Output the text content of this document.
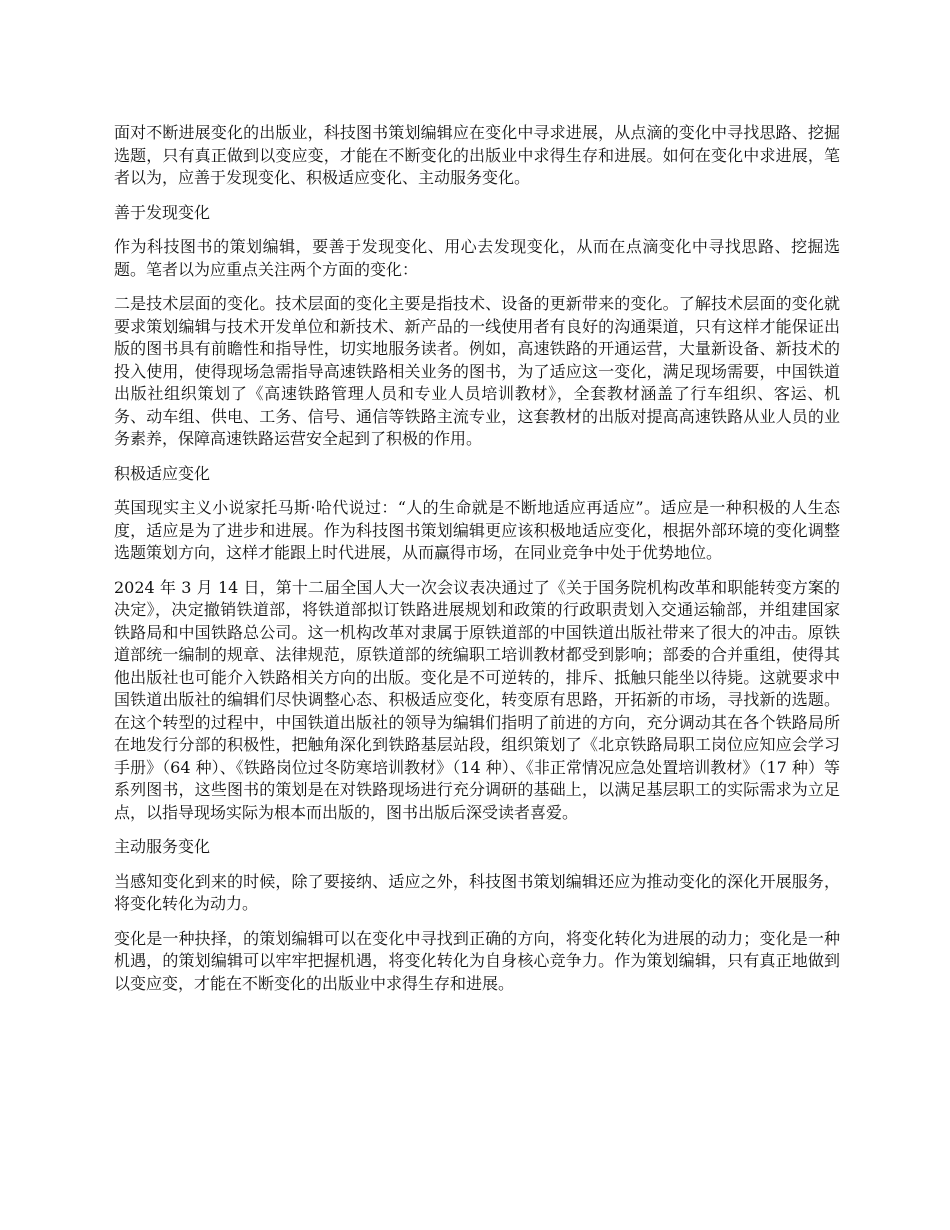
面对不断进展变化的出版业，科技图书策划编辑应在变化中寻求进展，从点滴的变化中寻找思路、挖掘选题，只有真正做到以变应变，才能在不断变化的出版业中求得生存和进展。如何在变化中求进展，笔者以为，应善于发现变化、积极适应变化、主动服务变化。

善于发现变化

作为科技图书的策划编辑，要善于发现变化、用心去发现变化，从而在点滴变化中寻找思路、挖掘选题。笔者以为应重点关注两个方面的变化：

二是技术层面的变化。技术层面的变化主要是指技术、设备的更新带来的变化。了解技术层面的变化就要求策划编辑与技术开发单位和新技术、新产品的一线使用者有良好的沟通渠道，只有这样才能保证出版的图书具有前瞻性和指导性，切实地服务读者。例如，高速铁路的开通运营，大量新设备、新技术的投入使用，使得现场急需指导高速铁路相关业务的图书，为了适应这一变化，满足现场需要，中国铁道出版社组织策划了《高速铁路管理人员和专业人员培训教材》，全套教材涵盖了行车组织、客运、机务、动车组、供电、工务、信号、通信等铁路主流专业，这套教材的出版对提高高速铁路从业人员的业务素养，保障高速铁路运营安全起到了积极的作用。

积极适应变化

英国现实主义小说家托马斯·哈代说过：“人的生命就是不断地适应再适应”。适应是一种积极的人生态度，适应是为了进步和进展。作为科技图书策划编辑更应该积极地适应变化，根据外部环境的变化调整选题策划方向，这样才能跟上时代进展，从而赢得市场，在同业竞争中处于优势地位。

2024 年 3 月 14 日，第十二届全国人大一次会议表决通过了《关于国务院机构改革和职能转变方案的决定》，决定撤销铁道部，将铁道部拟订铁路进展规划和政策的行政职责划入交通运输部，并组建国家铁路局和中国铁路总公司。这一机构改革对隶属于原铁道部的中国铁道出版社带来了很大的冲击。原铁道部统一编制的规章、法律规范，原铁道部的统编职工培训教材都受到影响；部委的合并重组，使得其他出版社也可能介入铁路相关方向的出版。变化是不可逆转的，排斥、抵触只能坐以待毙。这就要求中国铁道出版社的编辑们尽快调整心态、积极适应变化，转变原有思路，开拓新的市场，寻找新的选题。在这个转型的过程中，中国铁道出版社的领导为编辑们指明了前进的方向，充分调动其在各个铁路局所在地发行分部的积极性，把触角深化到铁路基层站段，组织策划了《北京铁路局职工岗位应知应会学习手册》（64 种）、《铁路岗位过冬防寒培训教材》（14 种）、《非正常情况应急处置培训教材》（17 种）等系列图书，这些图书的策划是在对铁路现场进行充分调研的基础上，以满足基层职工的实际需求为立足点，以指导现场实际为根本而出版的，图书出版后深受读者喜爱。

主动服务变化

当感知变化到来的时候，除了要接纳、适应之外，科技图书策划编辑还应为推动变化的深化开展服务，将变化转化为动力。

变化是一种抉择，的策划编辑可以在变化中寻找到正确的方向，将变化转化为进展的动力；变化是一种机遇，的策划编辑可以牢牢把握机遇，将变化转化为自身核心竞争力。作为策划编辑，只有真正地做到以变应变，才能在不断变化的出版业中求得生存和进展。
